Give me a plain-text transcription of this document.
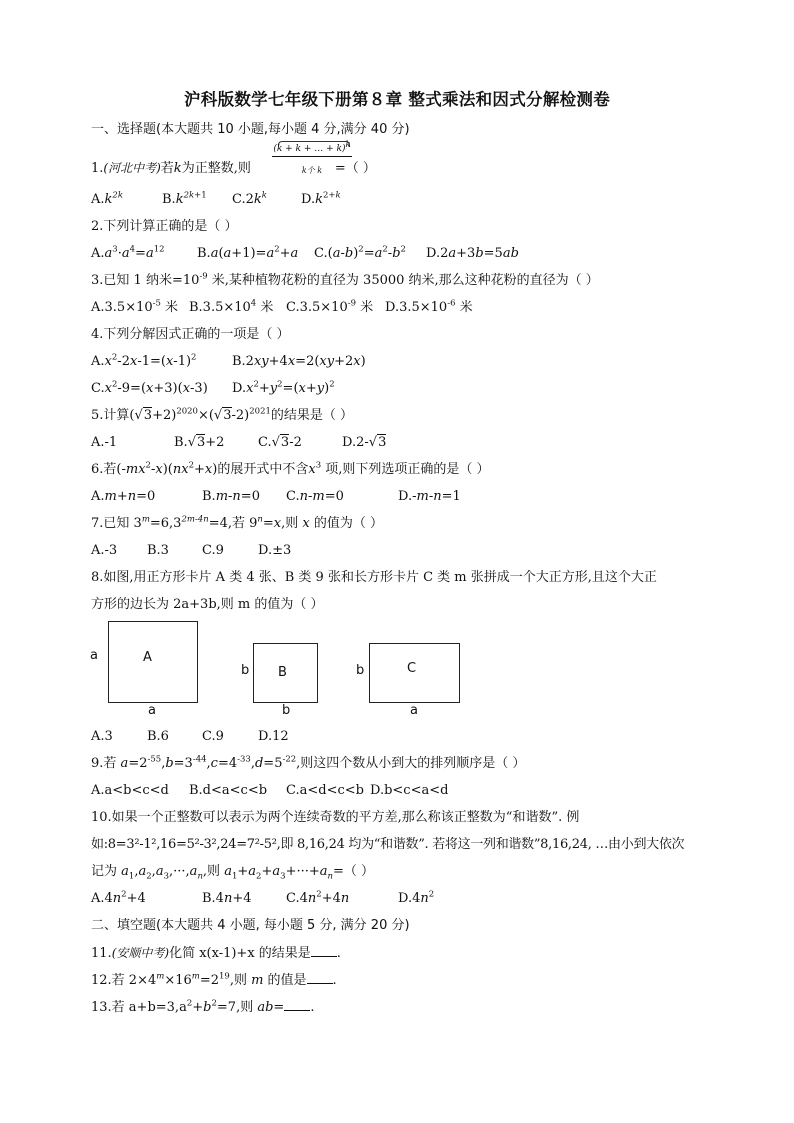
沪科版数学七年级下册第８章 整式乘法和因式分解检测卷
一、选择题(本大题共 10 小题,每小题 4 分,满分 40 分)
1.(河北中考)若k为正整数,则	=（ ）
(k + k + … + k)$^k$
k个 k
$A.k^{2k}$	$B.k^{2k+1}$ $C.2k^k$	$D.k^{2+k}$
2.下列计算正确的是（ ）
$A.a^3\cdot a^4=a^{12}$ $B.a(a+1)=a^2+a$ $C.(a-b)^2=a^2-b^2$ D.2a+3b=5ab
3.已知 1 纳米$=10^{-9}$ 米,某种植物花粉的直径为 35000 纳米,那么这种花粉的直径为（ ）
$A.3.5\times 10^{-5}$ 米 $B.3.5\times 10^4$ 米 $C.3.5\times 10^{-9}$ 米 $D.3.5\times 10^{-6}$ 米
4.下列分解因式正确的一项是（ ）
$A.x^2-2x-1=(x-1)^2$	B.2xy+4x=2(xy+2x)
$C.x^2-9=(x+3)(x-3)$ $D.x^2+y^2=(x+y)^2$
5.计算$(√3+2)^{2020}\times(√3-2)^{2021}$的结果是（ ）
A.-1	B.√3+2	C.√3-2	D.2-√3
6.若$(-mx^2-x)(nx^2+x)$的展开式中不含$x^3$ 项,则下列选项正确的是（ ）
A.m+n=0	B.m-n=0 C.n-m=0	D.-m-n=1
7.已知 $3^m=6,3^{2m-4n}=4$,若 $9^n=x$,则 x 的值为（ ）
A.-3 B.3	C.9	D.±3
8.如图,用正方形卡片 A 类 4 张、B 类 9 张和长方形卡片 C 类 m 张拼成一个大正方形,且这个大正
方形的边长为 2a+3b,则 m 的值为（ ）
A
a
a
B
b
b
C
b
a
A.3	B.6	C.9	D.12
9.若 $a=2^{-55},b=3^{-44},c=4^{-33},d=5^{-22}$,则这四个数从小到大的排列顺序是（ ）
A.a<b<c<d B.d<a<c<b C.a<d<c<b D.b<c<a<d
10.如果一个正整数可以表示为两个连续奇数的平方差,那么称该正整数为“和谐数”. 例
如:8=3²-1²,16=5²-3²,24=7²-5²,即 8,16,24 均为“和谐数”. 若将这一列和谐数”8,16,24, …由小到大依次
记为 $a_1,a_2,a_3,\cdot\cdot\cdot,a_n$,则 $a_1+a_2+a_3+\cdot\cdot\cdot+a_n=$（ ）
$A.4n^2+4$	B.4n+4	$C.4n^2+4n$	$D.4n^2$
二、填空题(本大题共 4 小题, 每小题 5 分, 满分 20 分)
11.(安顺中考)化简 x(x-1)+x 的结果是 .
12.若 $2\times 4^m\times 16^m=2^{19}$,则 m 的值是 .
13.若 $a+b=3,a^2+b^2=7$,则 ab= .
